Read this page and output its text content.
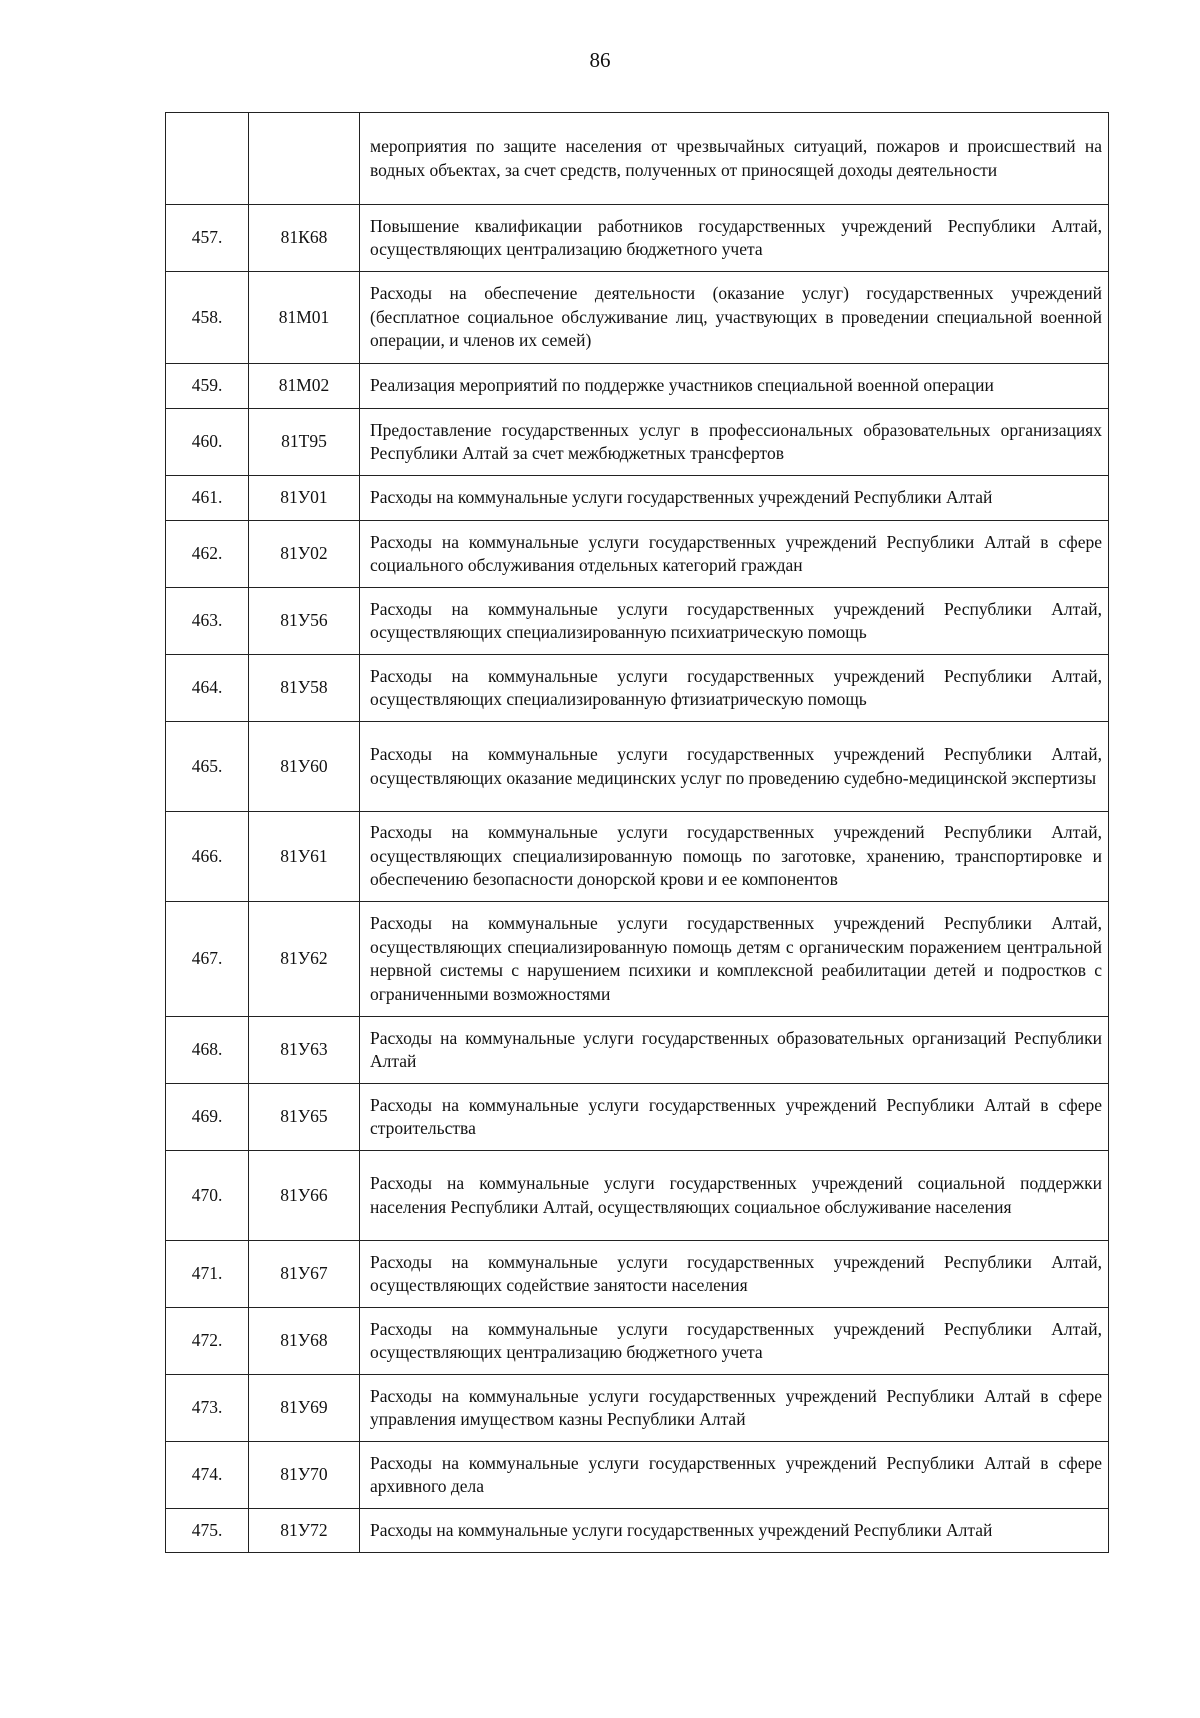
86
		мероприятия по защите населения от чрезвычайных ситуаций, пожаров и происшествий на водных объектах, за счет средств, полученных от приносящей доходы деятельности
457.	81К68	Повышение квалификации работников государственных учреждений Республики Алтай, осуществляющих централизацию бюджетного учета
458.	81М01	Расходы на обеспечение деятельности (оказание услуг) государственных учреждений (бесплатное социальное обслуживание лиц, участвующих в проведении специальной военной операции, и членов их семей)
459.	81М02	Реализация мероприятий по поддержке участников специальной военной операции
460.	81Т95	Предоставление государственных услуг в профессиональных образовательных организациях Республики Алтай за счет межбюджетных трансфертов
461.	81У01	Расходы на коммунальные услуги государственных учреждений Республики Алтай
462.	81У02	Расходы на коммунальные услуги государственных учреждений Республики Алтай в сфере социального обслуживания отдельных категорий граждан
463.	81У56	Расходы на коммунальные услуги государственных учреждений Республики Алтай, осуществляющих специализированную психиатрическую помощь
464.	81У58	Расходы на коммунальные услуги государственных учреждений Республики Алтай, осуществляющих специализированную фтизиатрическую помощь
465.	81У60	Расходы на коммунальные услуги государственных учреждений Республики Алтай, осуществляющих оказание медицинских услуг по проведению судебно-медицинской экспертизы
466.	81У61	Расходы на коммунальные услуги государственных учреждений Республики Алтай, осуществляющих специализированную помощь по заготовке, хранению, транспортировке и обеспечению безопасности донорской крови и ее компонентов
467.	81У62	Расходы на коммунальные услуги государственных учреждений Республики Алтай, осуществляющих специализированную помощь детям с органическим поражением центральной нервной системы с нарушением психики и комплексной реабилитации детей и подростков с ограниченными возможностями
468.	81У63	Расходы на коммунальные услуги государственных образовательных организаций Республики Алтай
469.	81У65	Расходы на коммунальные услуги государственных учреждений Республики Алтай в сфере строительства
470.	81У66	Расходы на коммунальные услуги государственных учреждений социальной поддержки населения Республики Алтай, осуществляющих социальное обслуживание населения
471.	81У67	Расходы на коммунальные услуги государственных учреждений Республики Алтай, осуществляющих содействие занятости населения
472.	81У68	Расходы на коммунальные услуги государственных учреждений Республики Алтай, осуществляющих централизацию бюджетного учета
473.	81У69	Расходы на коммунальные услуги государственных учреждений Республики Алтай в сфере управления имуществом казны Республики Алтай
474.	81У70	Расходы на коммунальные услуги государственных учреждений Республики Алтай в сфере архивного дела
475.	81У72	Расходы на коммунальные услуги государственных учреждений Республики Алтай
